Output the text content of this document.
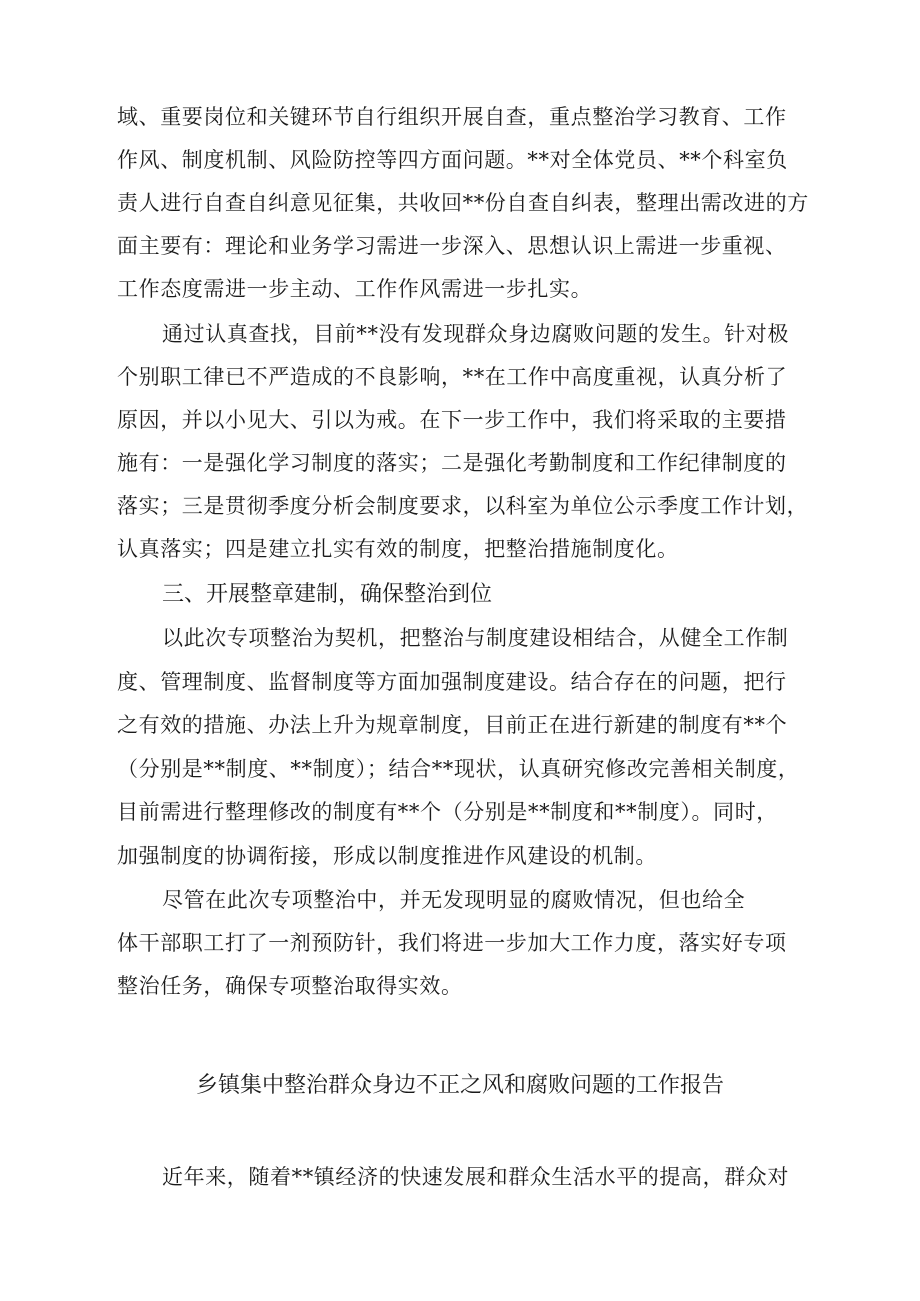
域、重要岗位和关键环节自行组织开展自查，重点整治学习教育、工作
作风、制度机制、风险防控等四方面问题。**对全体党员、**个科室负
责人进行自查自纠意见征集，共收回**份自查自纠表，整理出需改进的方
面主要有：理论和业务学习需进一步深入、思想认识上需进一步重视、
工作态度需进一步主动、工作作风需进一步扎实。
通过认真查找，目前**没有发现群众身边腐败问题的发生。针对极
个别职工律已不严造成的不良影响，**在工作中高度重视，认真分析了
原因，并以小见大、引以为戒。在下一步工作中，我们将采取的主要措
施有：一是强化学习制度的落实；二是强化考勤制度和工作纪律制度的
落实；三是贯彻季度分析会制度要求，以科室为单位公示季度工作计划，
认真落实；四是建立扎实有效的制度，把整治措施制度化。
三、开展整章建制，确保整治到位
以此次专项整治为契机，把整治与制度建设相结合，从健全工作制
度、管理制度、监督制度等方面加强制度建设。结合存在的问题，把行
之有效的措施、办法上升为规章制度，目前正在进行新建的制度有**个
（分别是**制度、**制度）；结合**现状，认真研究修改完善相关制度，
目前需进行整理修改的制度有**个（分别是**制度和**制度）。同时，
加强制度的协调衔接，形成以制度推进作风建设的机制。
尽管在此次专项整治中，并无发现明显的腐败情况，但也给全
体干部职工打了一剂预防针，我们将进一步加大工作力度，落实好专项
整治任务，确保专项整治取得实效。
乡镇集中整治群众身边不正之风和腐败问题的工作报告
近年来，随着**镇经济的快速发展和群众生活水平的提高，群众对
